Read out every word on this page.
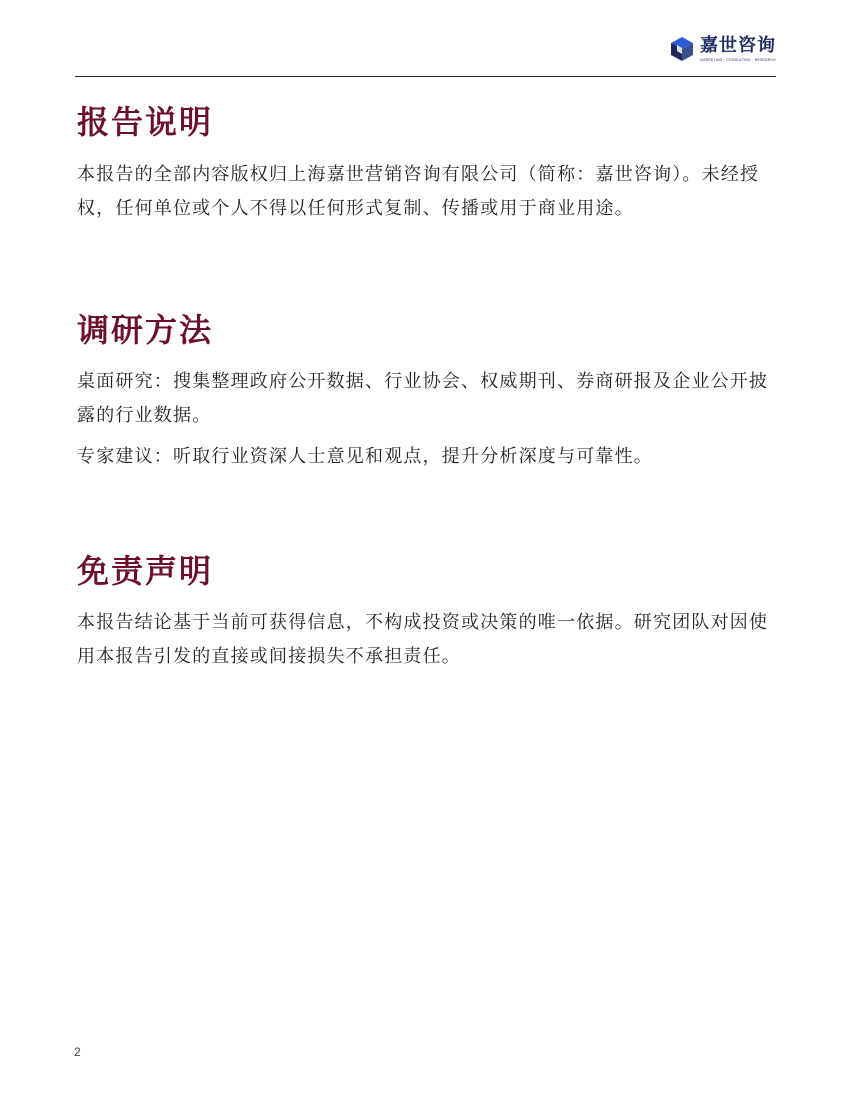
嘉世咨询
MARKETING · CONSULTING · RESEARCH
报告说明

本报告的全部内容版权归上海嘉世营销咨询有限公司（简称：嘉世咨询）。未经授权，任何单位或个人不得以任何形式复制、传播或用于商业用途。

调研方法

桌面研究：搜集整理政府公开数据、行业协会、权威期刊、券商研报及企业公开披露的行业数据。

专家建议：听取行业资深人士意见和观点，提升分析深度与可靠性。

免责声明

本报告结论基于当前可获得信息，不构成投资或决策的唯一依据。研究团队对因使用本报告引发的直接或间接损失不承担责任。

2
